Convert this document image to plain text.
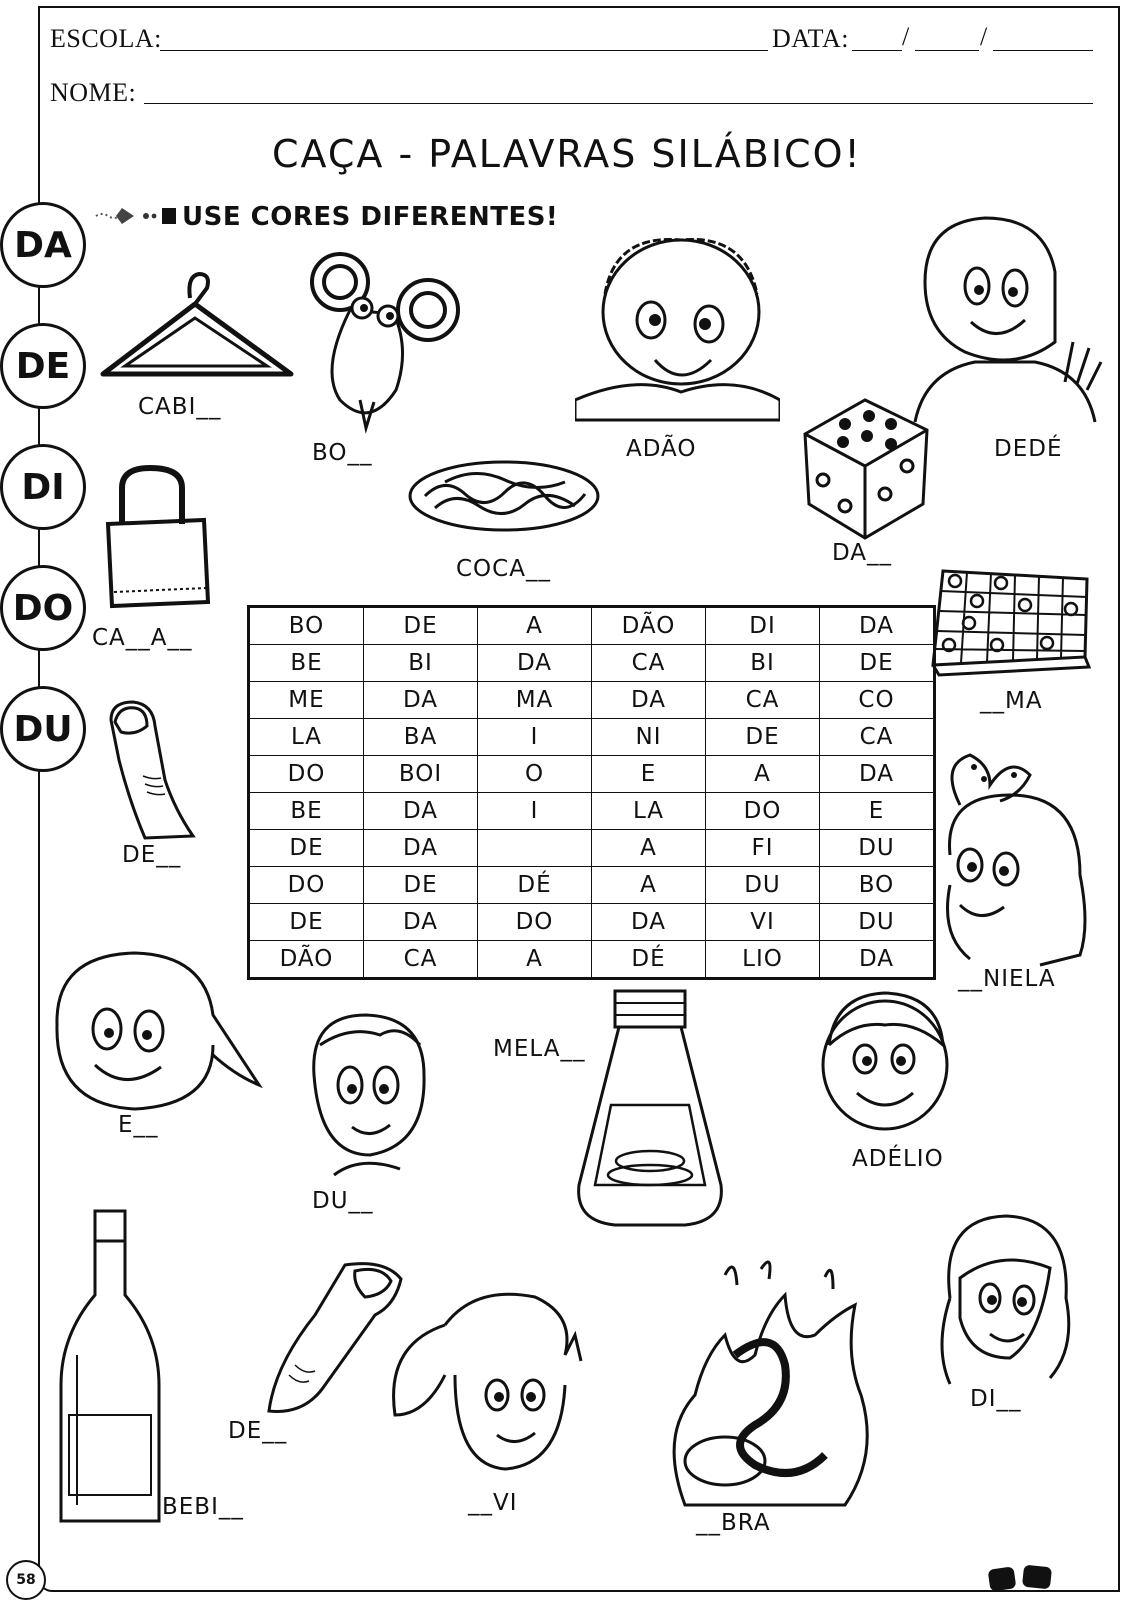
ESCOLA:	DATA: /	/
NOME:
CAÇA - PALAVRAS SILÁBICO!
USE CORES DIFERENTES!
DA
DE
DI
DO
DU
CABI__
BO__	ADÃO	DEDÉ
COCA__
DA__
CA__A__
__MA
DE__
__NIELA
E__
DU__
MELA__
ADÉLIO
BEBI__
DE__
__VI
__BRA
DI__
BO	DE	A	DÃO	DI	DA
BE	BI	DA	CA	BI	DE
ME	DA	MA	DA	CA	CO
LA	BA	I	NI	DE	CA
DO	BOI	O	E	A	DA
BE	DA	I	LA	DO	E
DE	DA		A	FI	DU
DO	DE	DÉ	A	DU	BO
DE	DA	DO	DA	VI	DU
DÃO	CA	A	DÉ	LIO	DA
58
